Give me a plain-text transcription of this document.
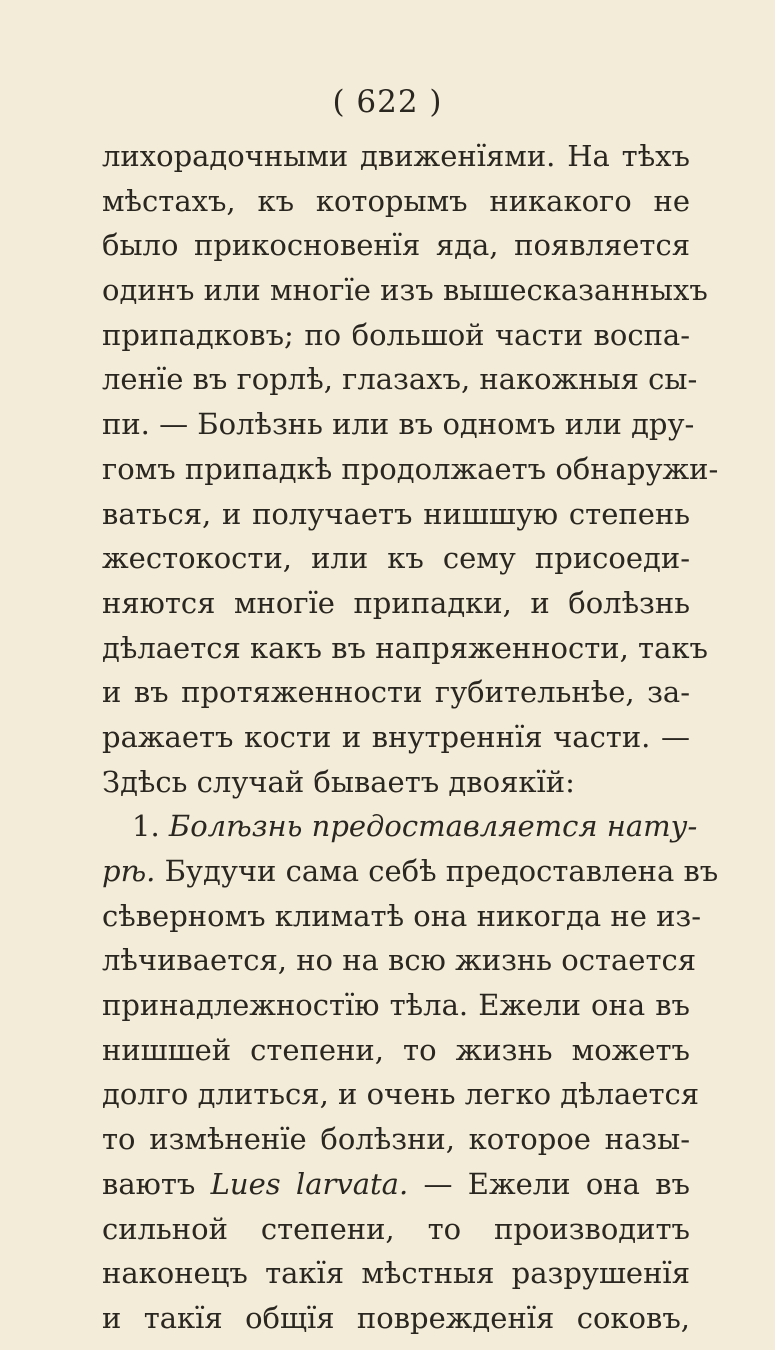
( 622 )
лихорадочными движенїями. На тѣхъ
мѣстахъ, къ которымъ никакого не
было прикосновенїя яда, появляется
одинъ или многїе изъ вышесказанныхъ
припадковъ; по большой части воспа-
ленїе въ горлѣ, глазахъ, накожныя сы-
пи. — Болѣзнь или въ одномъ или дру-
гомъ припадкѣ продолжаетъ обнаружи-
ваться, и получаетъ нишшую степень
жестокости, или къ сему присоеди-
няются многїе припадки, и болѣзнь
дѣлается какъ въ напряженности, такъ
и въ протяженности губительнѣе, за-
ражаетъ кости и внутреннїя части. —
Здѣсь случай бываетъ двоякїй:
1. Болѣзнь предоставляется нату-
рѣ. Будучи сама себѣ предоставлена въ
сѣверномъ климатѣ она никогда не из-
лѣчивается, но на всю жизнь остается
принадлежностїю тѣла. Ежели она въ
нишшей степени, то жизнь можетъ
долго длиться, и очень легко дѣлается
то измѣненїе болѣзни, которое назы-
ваютъ Lues larvata. — Ежели она въ
сильной степени, то производитъ
наконецъ такїя мѣстныя разрушенїя
и такїя общїя поврежденїя соковъ,
